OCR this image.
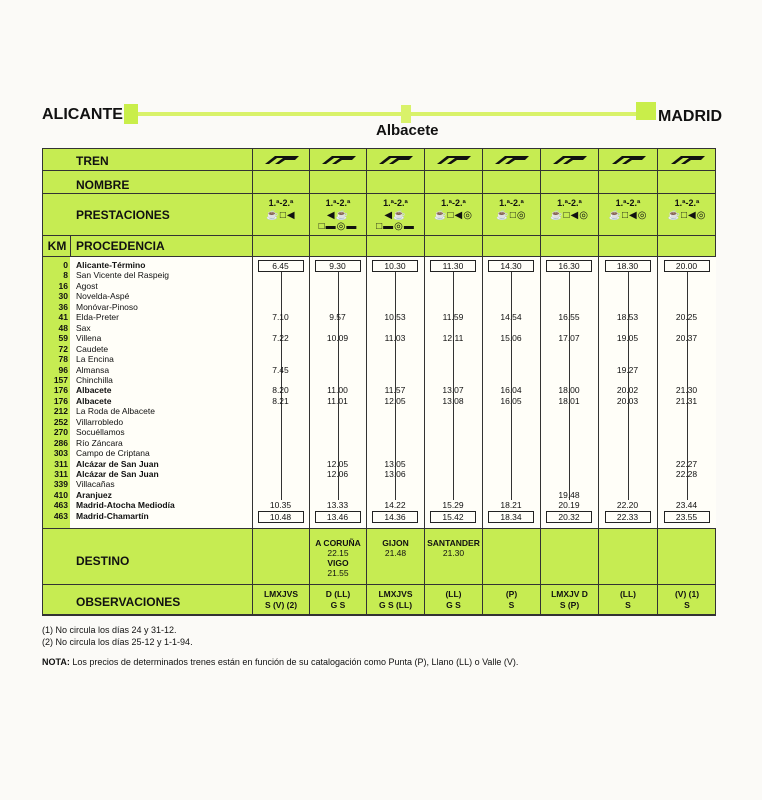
ALICANTE	MADRID
Albacete
TREN
NOMBRE
PRESTACIONES
KM PROCEDENCIA
DESTINO
OBSERVACIONES
1.ª-2.ª
☕□◀
6.45
7.10
7.22
7.45
8.20
8.21
10.35
10.48
LMXJVS
S (V) (2)
1.ª-2.ª
◀☕□▬◎▬
9.30
9.57
10.09
11.00
11.01
12.05
12.06
13.33
13.46
A CORUÑA
22.15
VIGO
21.55
D (LL)
G S
1.ª-2.ª
◀☕□▬◎▬
10.30
10.53
11.03
11.57
12.05
13.05
13.06
14.22
14.36
GIJON
21.48
LMXJVS
G S (LL)
1.ª-2.ª
☕□◀◎
11.30
11.59
12.11
13.07
13.08
15.29
15.42
SANTANDER
21.30
(LL)
G S
1.ª-2.ª
☕□◎
14.30
14.54
15.06
16.04
16.05
18.21
18.34
(P)
S
1.ª-2.ª
☕□◀◎
16.30
16.55
17.07
18.00
18.01
19.48
20.19
20.32
LMXJV D
S (P)
1.ª-2.ª
☕□◀◎
18.30
18.53
19.05
19.27
20.02
20.03
22.20
22.33
(LL)
S
1.ª-2.ª
☕□◀◎
20.00
20.25
20.37
21.30
21.31
22.27
22.28
23.44
23.55
(V) (1)
S
0 Alicante-Término
8 San Vicente del Raspeig
16 Agost
30 Novelda-Aspé
36 Monóvar-Pinoso
41 Elda-Preter
48 Sax
59 Villena
72 Caudete
78 La Encina
96 Almansa
157 Chinchilla
176 Albacete
176 Albacete
212 La Roda de Albacete
252 Villarrobledo
270 Socuéllamos
286 Río Záncara
303 Campo de Criptana
311 Alcázar de San Juan
311 Alcázar de San Juan
339 Villacañas
410 Aranjuez
463 Madrid-Atocha Mediodía
463 Madrid-Chamartín
(1) No circula los días 24 y 31-12.
(2) No circula los días 25-12 y 1-1-94.
NOTA: Los precios de determinados trenes están en función de su catalogación como Punta (P), Llano (LL) o Valle (V).
